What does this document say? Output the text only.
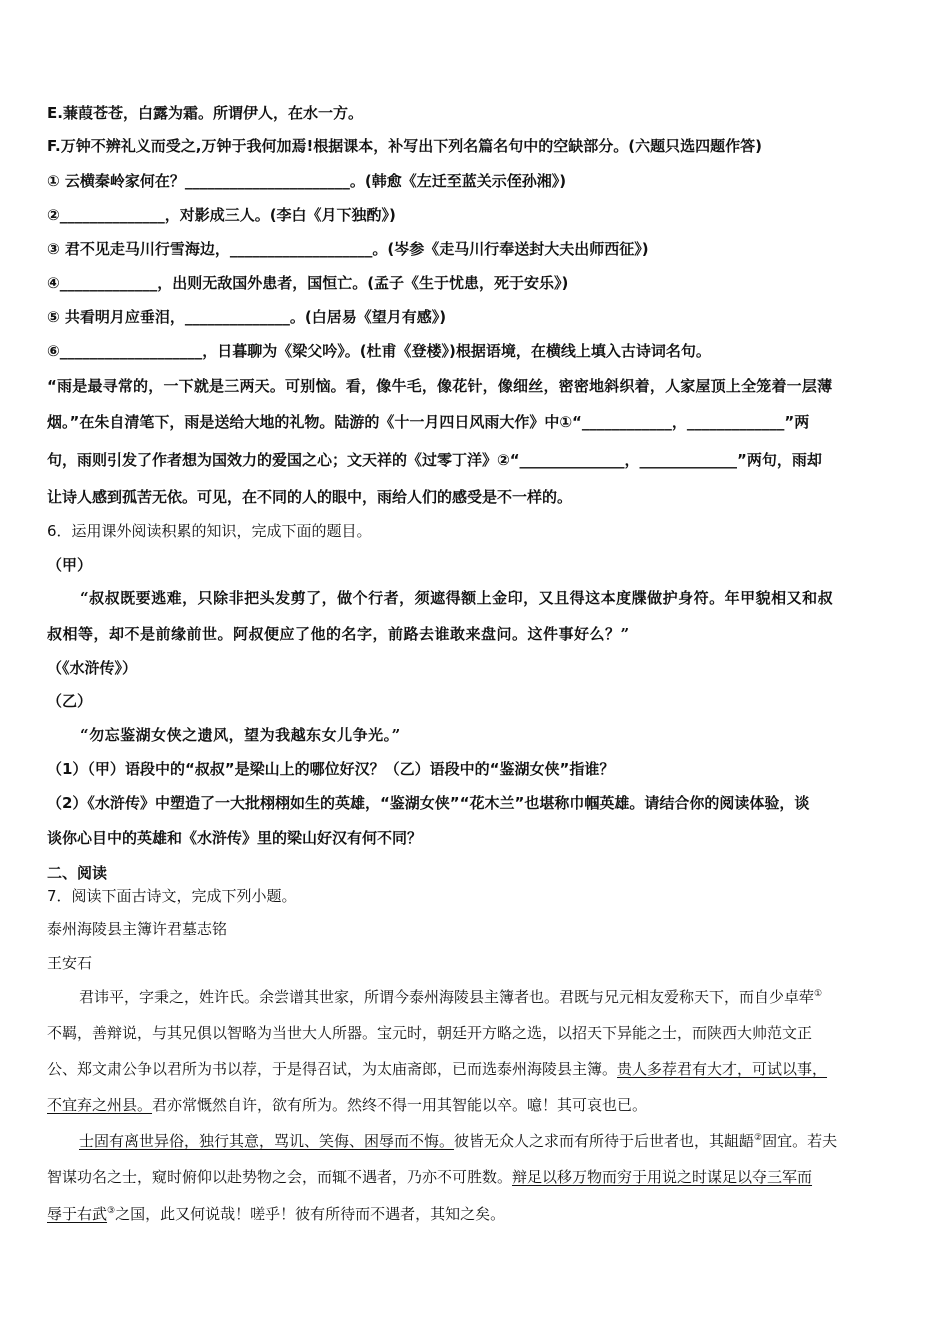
E.蒹葭苍苍，白露为霜。所谓伊人，在水一方。
F.万钟不辨礼义而受之,万钟于我何加焉!根据课本，补写出下列名篇名句中的空缺部分。(六题只选四题作答)
① 云横秦岭家何在？______________________。(韩愈《左迁至蓝关示侄孙湘》)
②______________，对影成三人。(李白《月下独酌》)
③ 君不见走马川行雪海边，___________________。(岑参《走马川行奉送封大夫出师西征》)
④_____________，出则无敌国外患者，国恒亡。(孟子《生于忧患，死于安乐》)
⑤ 共看明月应垂泪，______________。(白居易《望月有感》)
⑥___________________，日暮聊为《梁父吟》。(杜甫《登楼》)根据语境，在横线上填入古诗词名句。
“雨是最寻常的，一下就是三两天。可别恼。看，像牛毛，像花针，像细丝，密密地斜织着，人家屋顶上全笼着一层薄
烟。”在朱自清笔下，雨是送给大地的礼物。陆游的《十一月四日风雨大作》中①“____________，_____________”两
句，雨则引发了作者想为国效力的爱国之心；文天祥的《过零丁洋》②“______________，_____________”两句，雨却
让诗人感到孤苦无依。可见，在不同的人的眼中，雨给人们的感受是不一样的。
6．运用课外阅读积累的知识，完成下面的题目。
（甲）
“叔叔既要逃难，只除非把头发剪了，做个行者，须遮得额上金印，又且得这本度牒做护身符。年甲貌相又和叔
叔相等，却不是前缘前世。阿叔便应了他的名字，前路去谁敢来盘问。这件事好么？”
（《水浒传》）
（乙）
“勿忘鉴湖女侠之遗风，望为我越东女儿争光。”
（1）（甲）语段中的“叔叔”是梁山上的哪位好汉？（乙）语段中的“鉴湖女侠”指谁？
（2）《水浒传》中塑造了一大批栩栩如生的英雄，“鉴湖女侠”“花木兰”也堪称巾帼英雄。请结合你的阅读体验，谈
谈你心目中的英雄和《水浒传》里的梁山好汉有何不同？
二、阅读
7．阅读下面古诗文，完成下列小题。
泰州海陵县主簿许君墓志铭
王安石
君讳平，字秉之，姓许氏。余尝谱其世家，所谓今泰州海陵县主簿者也。君既与兄元相友爱称天下，而自少卓荦①
不羁，善辩说，与其兄俱以智略为当世大人所器。宝元时，朝廷开方略之选，以招天下异能之士，而陕西大帅范文正
公、郑文肃公争以君所为书以荐，于是得召试，为太庙斋郎，已而选泰州海陵县主簿。贵人多荐君有大才，可试以事，
不宜弃之州县。君亦常慨然自许，欲有所为。然终不得一用其智能以卒。噫！其可哀也已。
士固有离世异俗，独行其意，骂讥、笑侮、困辱而不悔。彼皆无众人之求而有所待于后世者也，其龃龉②固宜。若夫
智谋功名之士，窥时俯仰以赴势物之会，而辄不遇者，乃亦不可胜数。辩足以移万物而穷于用说之时谋足以夺三军而
辱于右武③之国，此又何说哉！嗟乎！彼有所待而不遇者，其知之矣。
